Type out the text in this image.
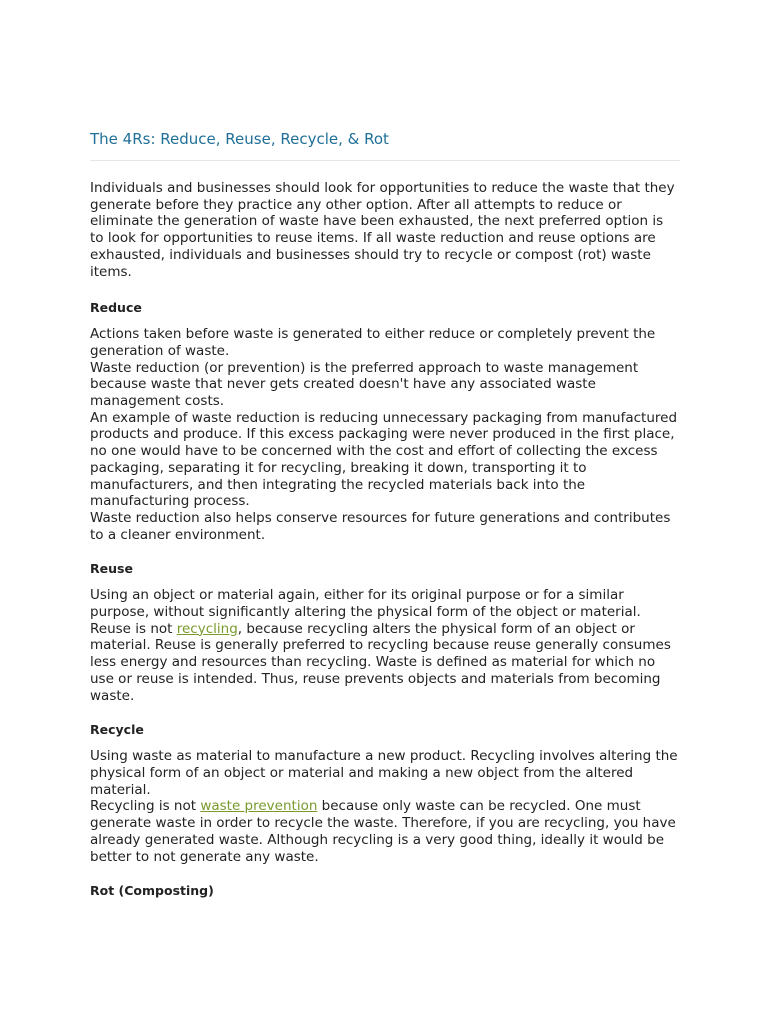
The 4Rs: Reduce, Reuse, Recycle, & Rot

Individuals and businesses should look for opportunities to reduce the waste that they generate before they practice any other option. After all attempts to reduce or eliminate the generation of waste have been exhausted, the next preferred option is to look for opportunities to reuse items. If all waste reduction and reuse options are exhausted, individuals and businesses should try to recycle or compost (rot) waste items.

Reduce

Actions taken before waste is generated to either reduce or completely prevent the generation of waste.

Waste reduction (or prevention) is the preferred approach to waste management because waste that never gets created doesn't have any associated waste management costs.

An example of waste reduction is reducing unnecessary packaging from manufactured products and produce. If this excess packaging were never produced in the first place, no one would have to be concerned with the cost and effort of collecting the excess packaging, separating it for recycling, breaking it down, transporting it to manufacturers, and then integrating the recycled materials back into the manufacturing process.

Waste reduction also helps conserve resources for future generations and contributes to a cleaner environment.

Reuse

Using an object or material again, either for its original purpose or for a similar purpose, without significantly altering the physical form of the object or material. Reuse is not recycling, because recycling alters the physical form of an object or material. Reuse is generally preferred to recycling because reuse generally consumes less energy and resources than recycling. Waste is defined as material for which no use or reuse is intended. Thus, reuse prevents objects and materials from becoming waste.

Recycle

Using waste as material to manufacture a new product. Recycling involves altering the physical form of an object or material and making a new object from the altered material.

Recycling is not waste prevention because only waste can be recycled. One must generate waste in order to recycle the waste. Therefore, if you are recycling, you have already generated waste. Although recycling is a very good thing, ideally it would be better to not generate any waste.

Rot (Composting)
